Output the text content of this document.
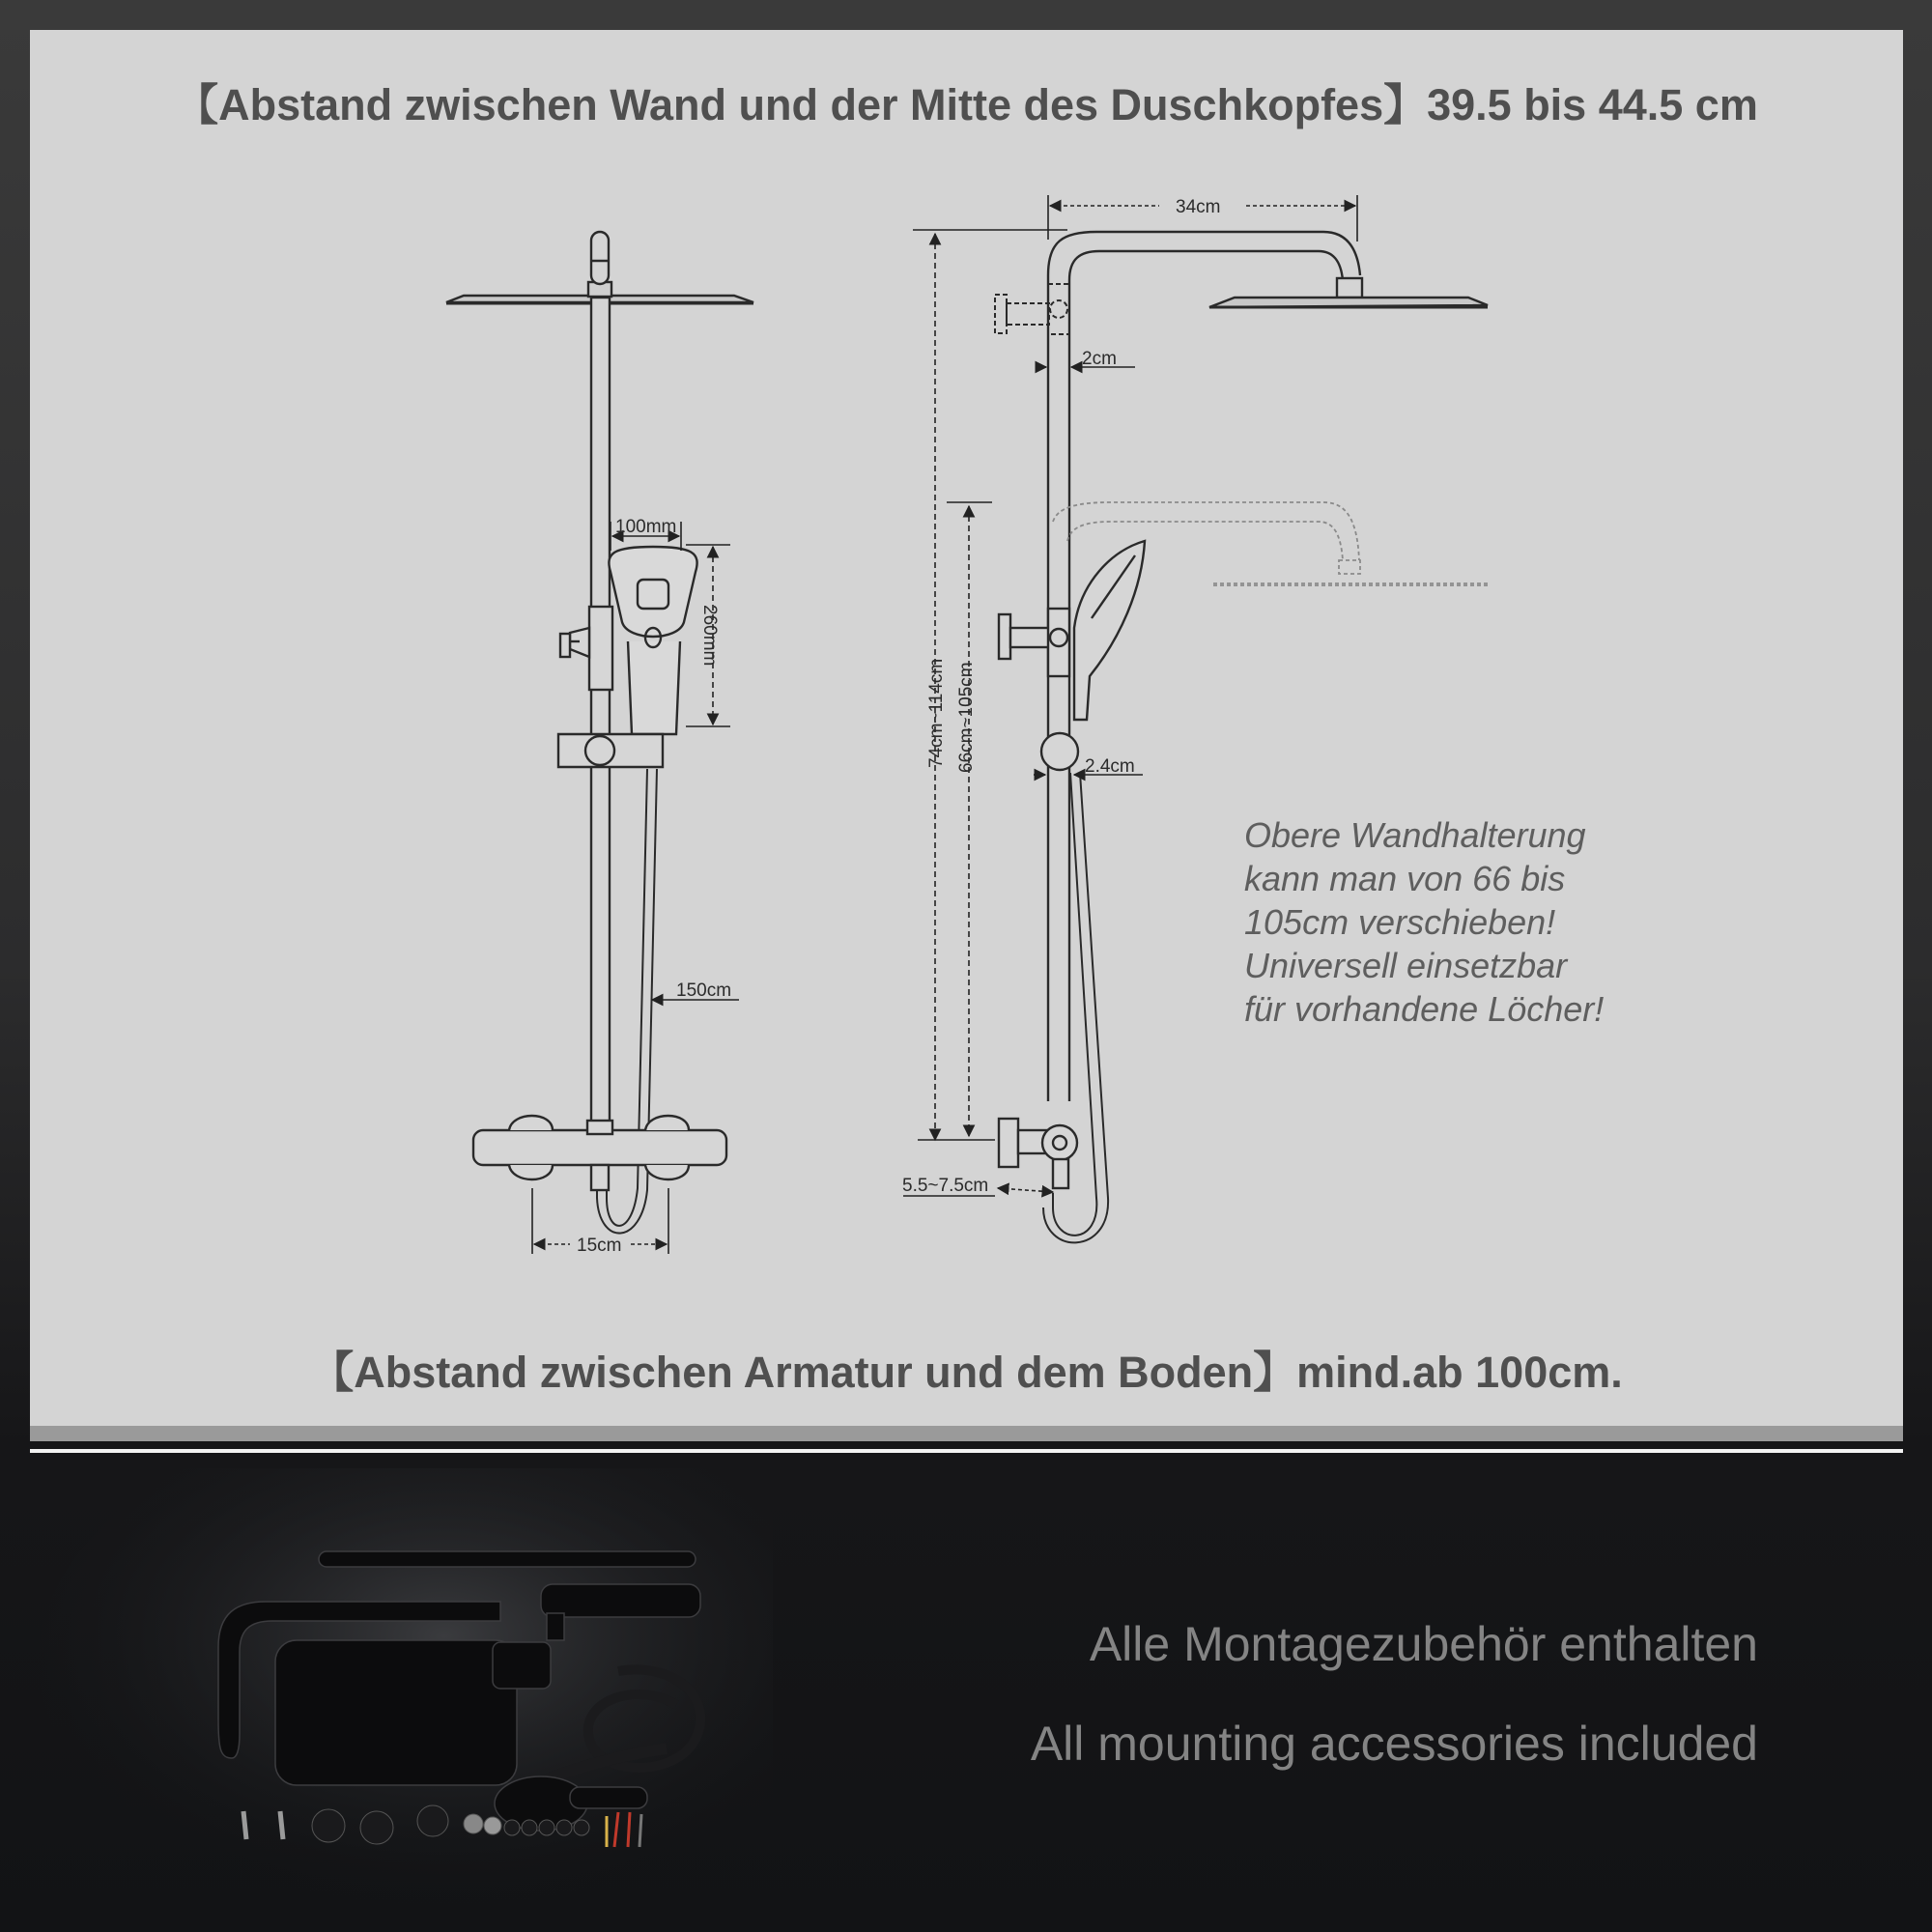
【Abstand zwischen Wand und der Mitte des Duschkopfes】39.5 bis 44.5 cm
100mm
260mm
150cm
15cm
34cm
2cm
74cm~114cm 66cm~105cm	2.4cm
5.5~7.5cm
Obere Wandhalterung
kann man von 66 bis
105cm verschieben!
Universell einsetzbar
für vorhandene Löcher!
【Abstand zwischen Armatur und dem Boden】mind.ab 100cm.
Alle Montagezubehör enthalten
All mounting accessories included
